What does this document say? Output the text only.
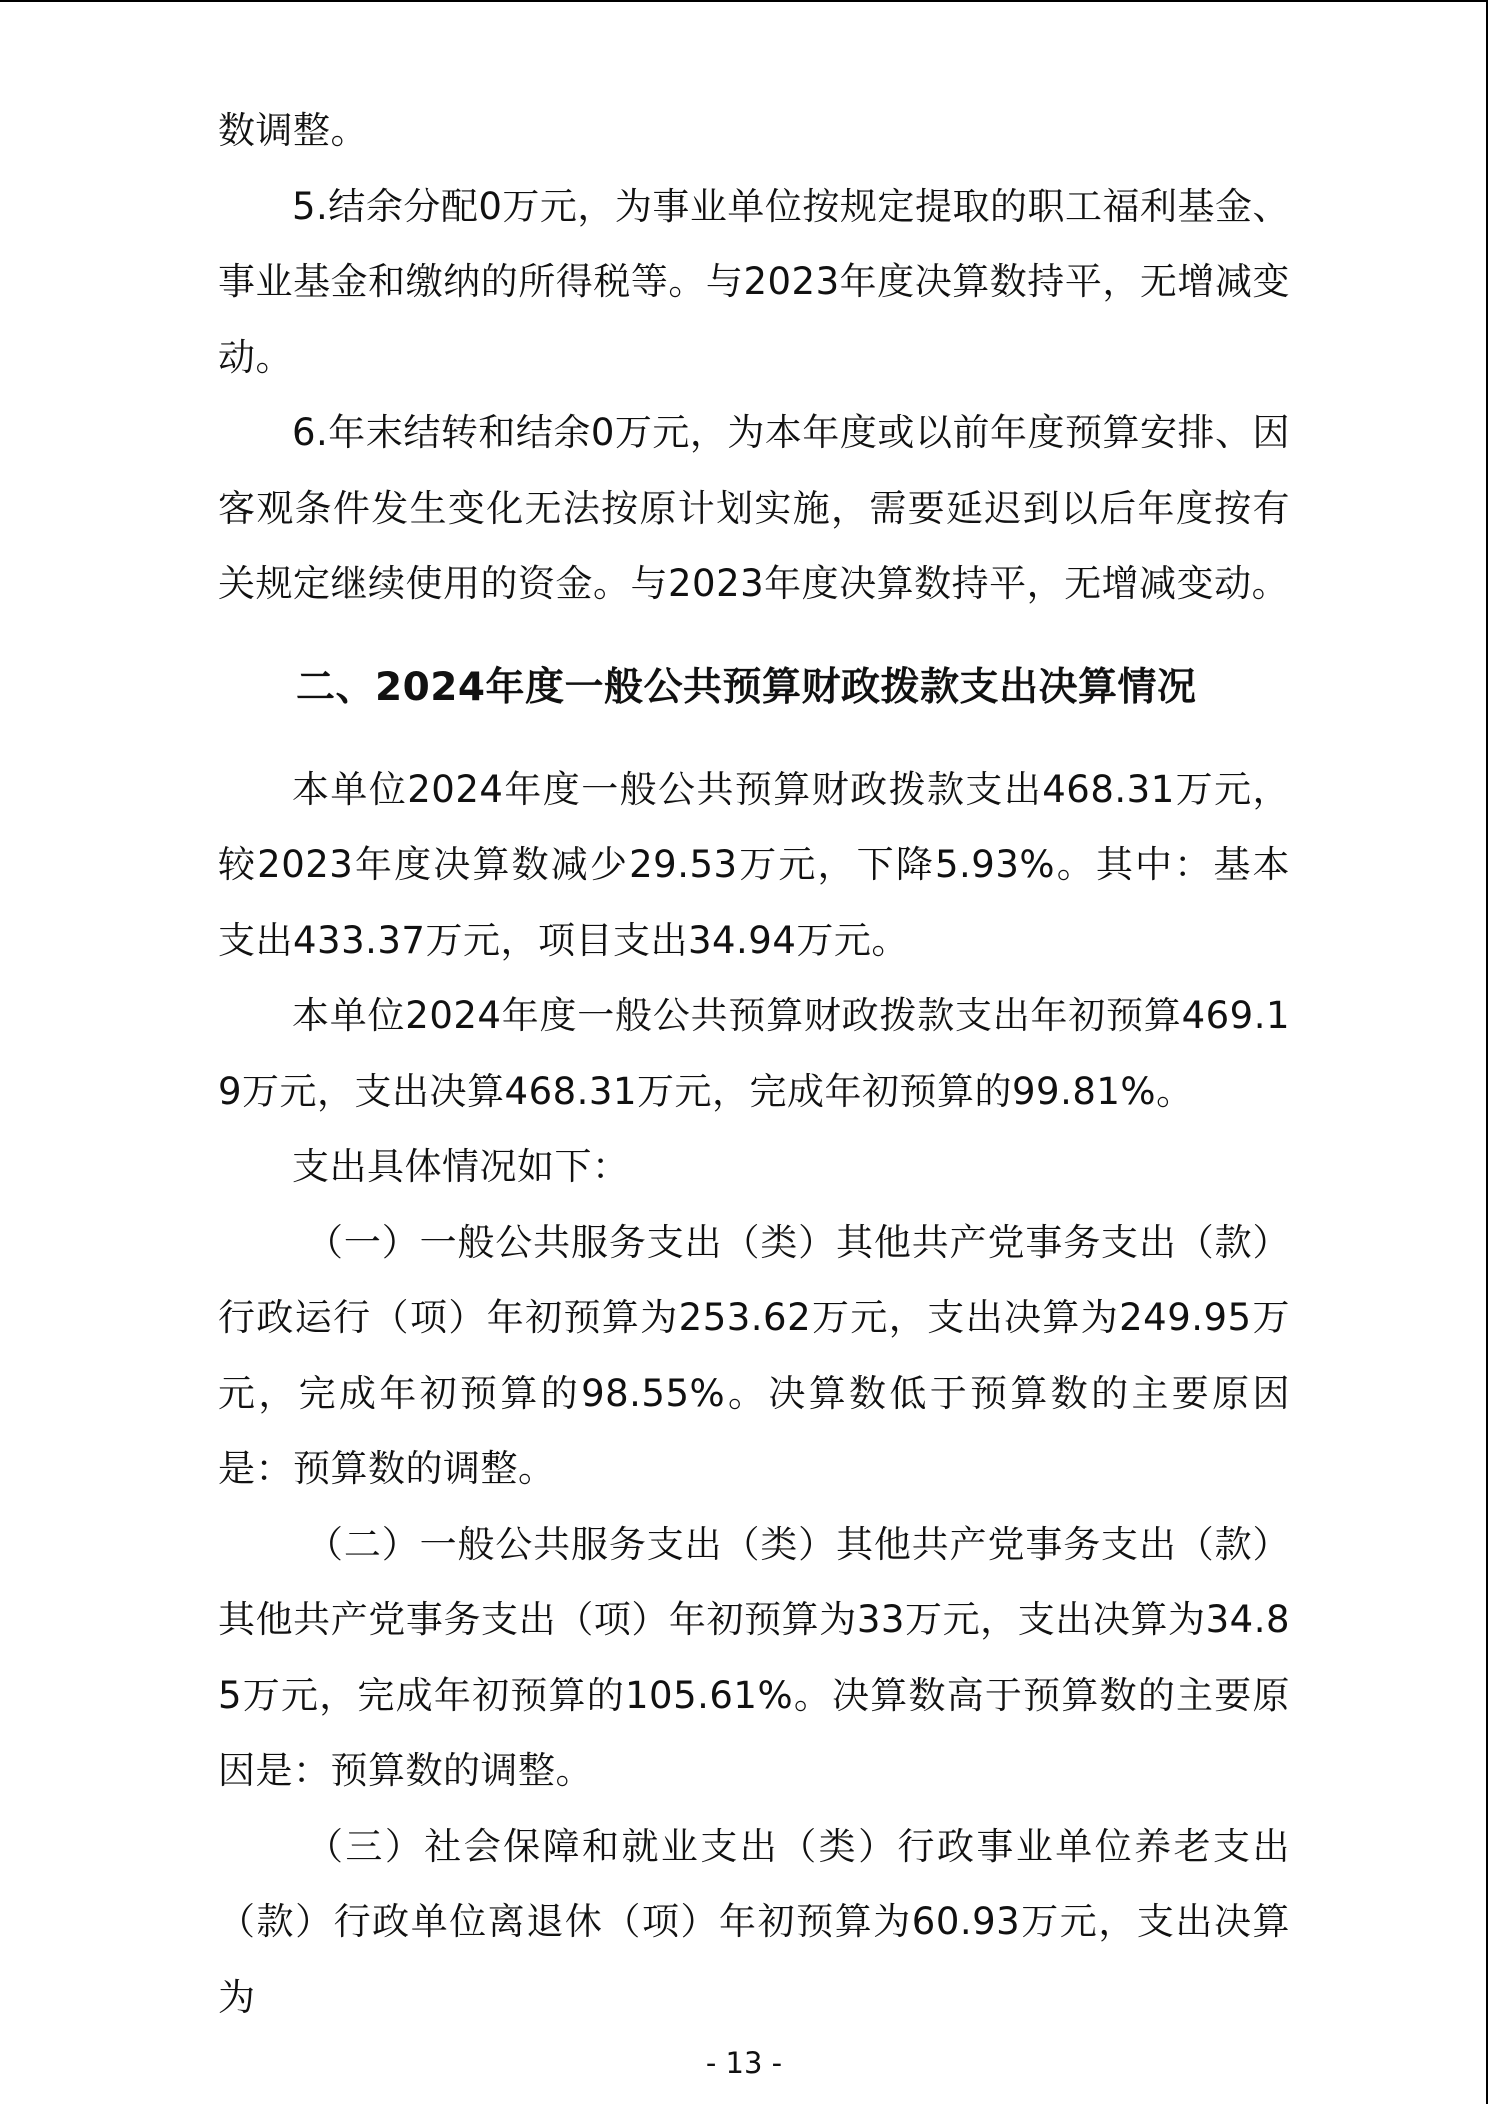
数调整。

5.结余分配0万元，为事业单位按规定提取的职工福利基金、事业基金和缴纳的所得税等。与2023年度决算数持平，无增减变动。

6.年末结转和结余0万元，为本年度或以前年度预算安排、因客观条件发生变化无法按原计划实施，需要延迟到以后年度按有关规定继续使用的资金。与2023年度决算数持平，无增减变动。

二、2024年度一般公共预算财政拨款支出决算情况

本单位2024年度一般公共预算财政拨款支出468.31万元，较2023年度决算数减少29.53万元，下降5.93%。其中：基本支出433.37万元，项目支出34.94万元。

本单位2024年度一般公共预算财政拨款支出年初预算469.19万元，支出决算468.31万元，完成年初预算的99.81%。

支出具体情况如下：

（一）一般公共服务支出（类）其他共产党事务支出（款）行政运行（项）年初预算为253.62万元，支出决算为249.95万元，完成年初预算的98.55%。决算数低于预算数的主要原因是：预算数的调整。

（二）一般公共服务支出（类）其他共产党事务支出（款）其他共产党事务支出（项）年初预算为33万元，支出决算为34.85万元，完成年初预算的105.61%。决算数高于预算数的主要原因是：预算数的调整。

（三）社会保障和就业支出（类）行政事业单位养老支出（款）行政单位离退休（项）年初预算为60.93万元，支出决算为

- 13 -
